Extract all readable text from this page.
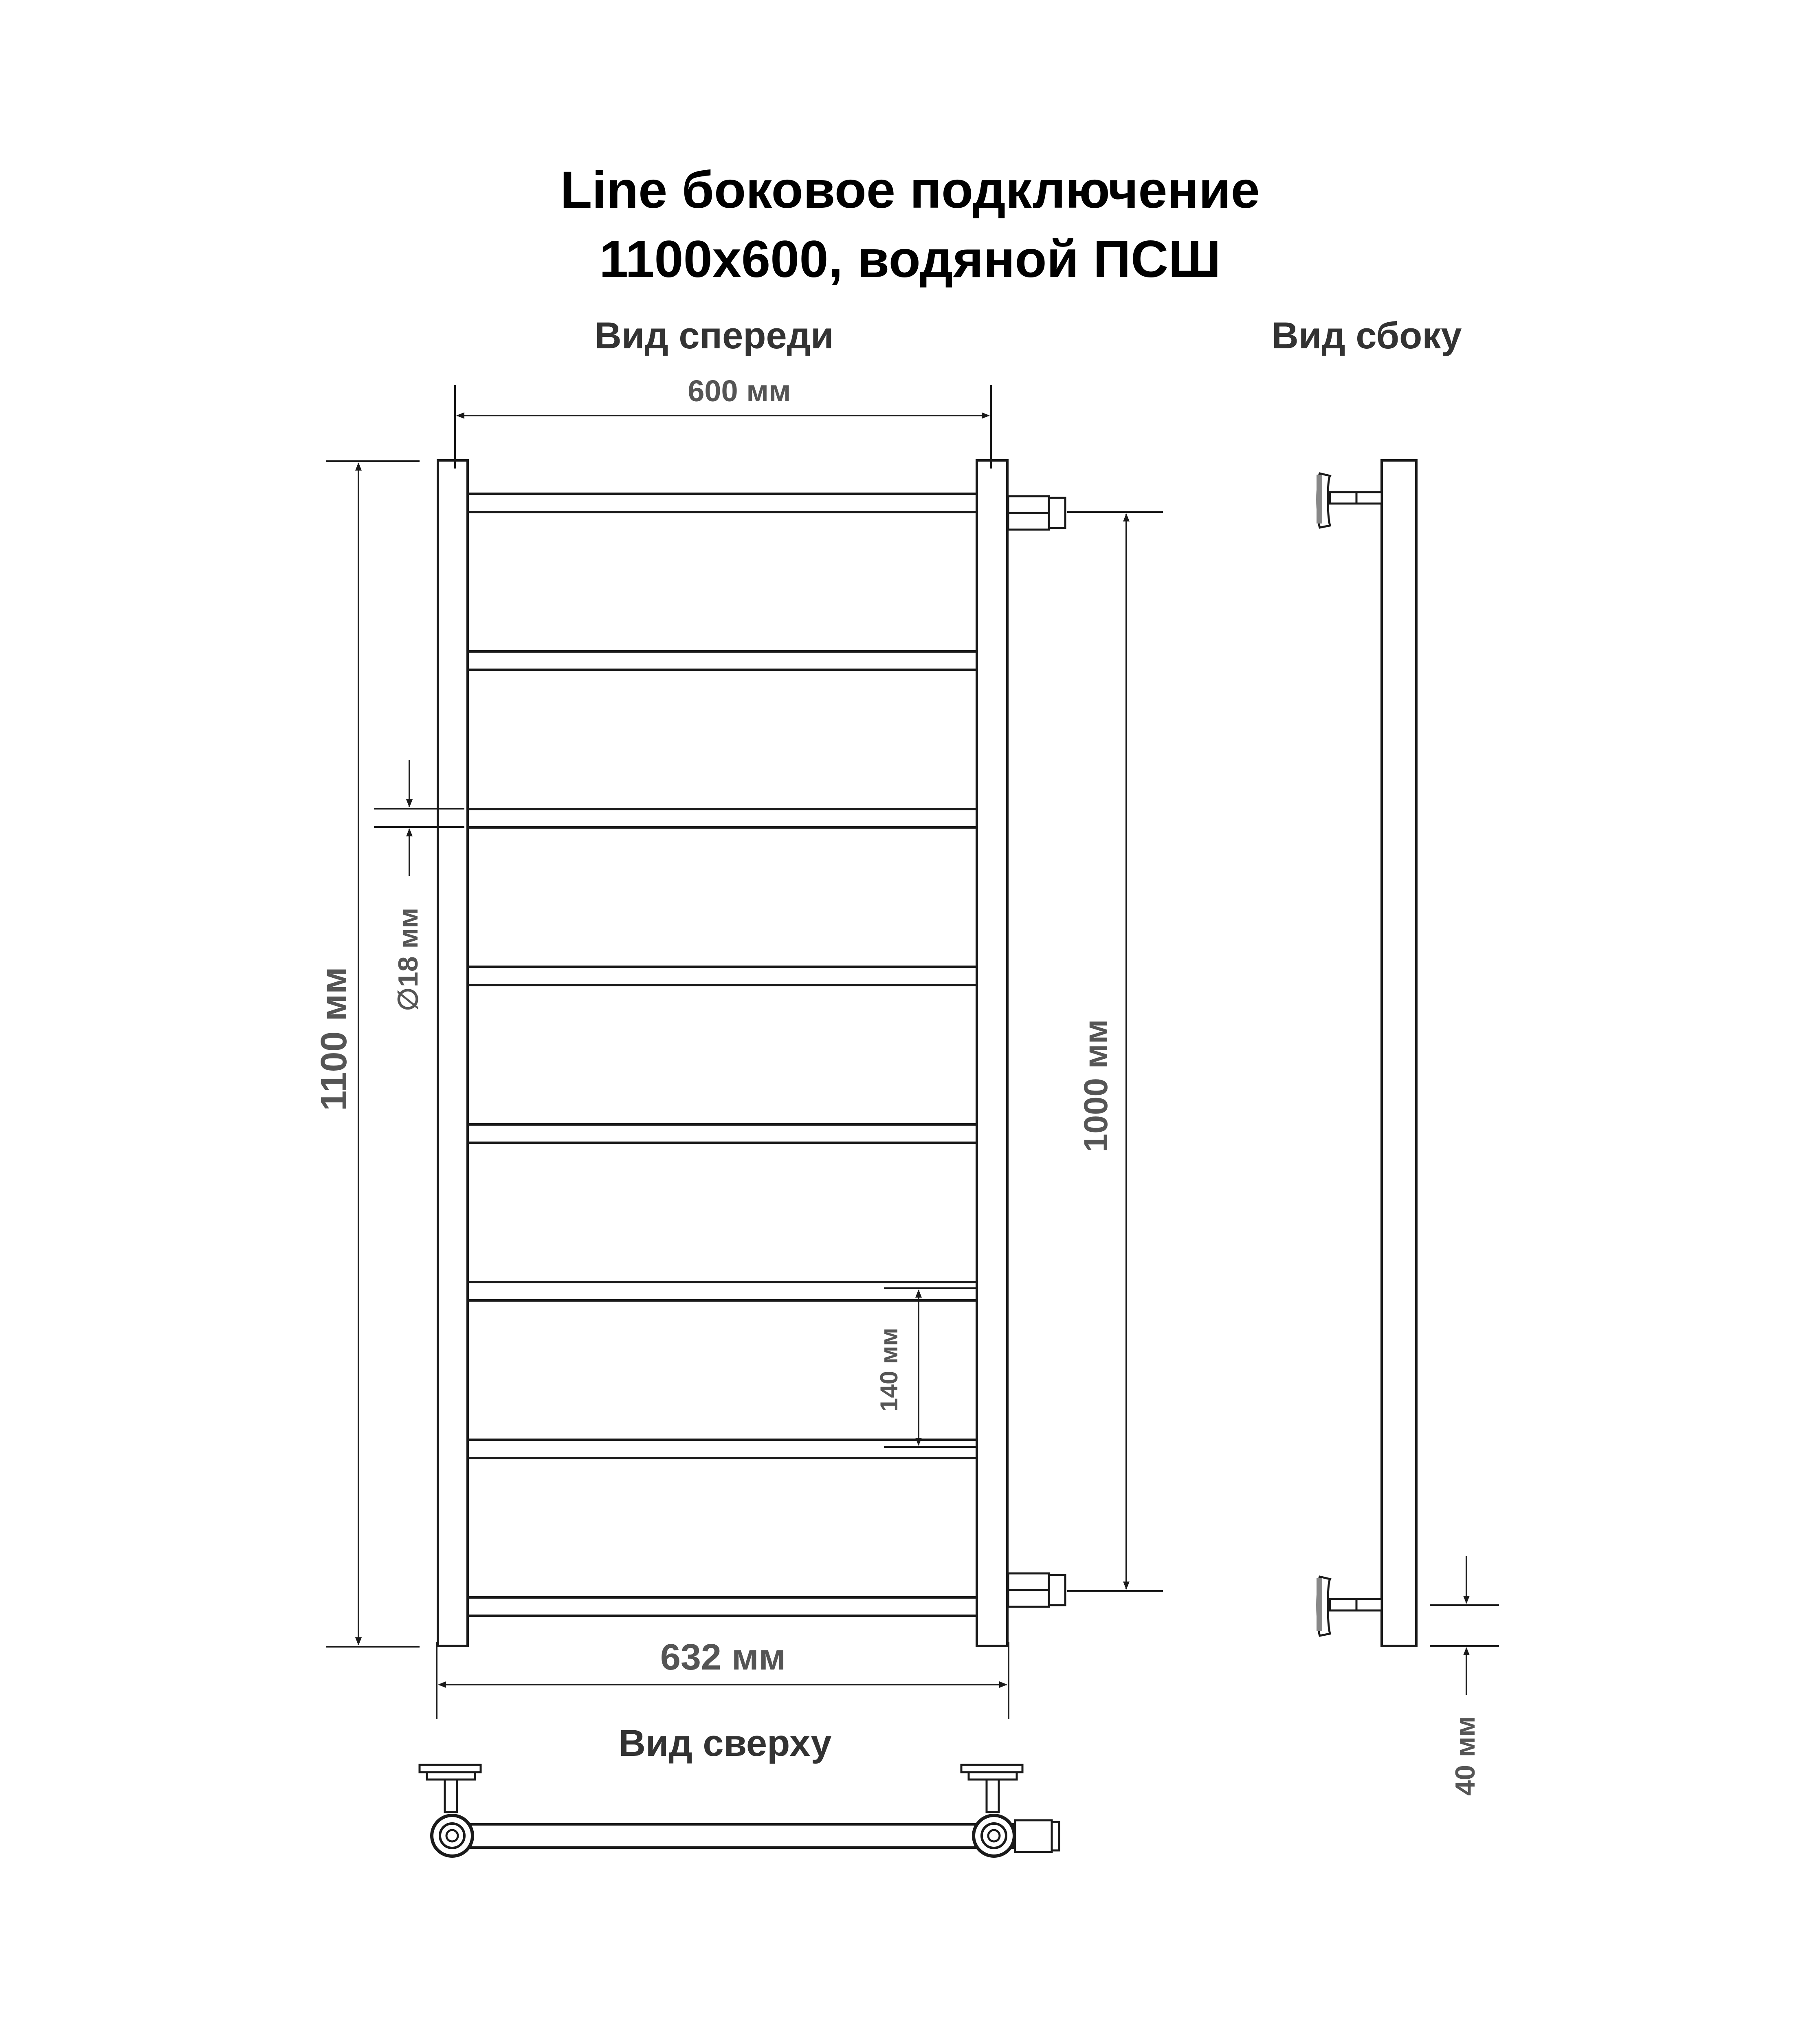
Line боковое подключение
1100x600, водяной ПСШ
Вид спереди	Вид сбоку
Вид сверху
600 мм
632 мм
1100 мм
∅18 мм
1000 мм
140 мм
40 мм
